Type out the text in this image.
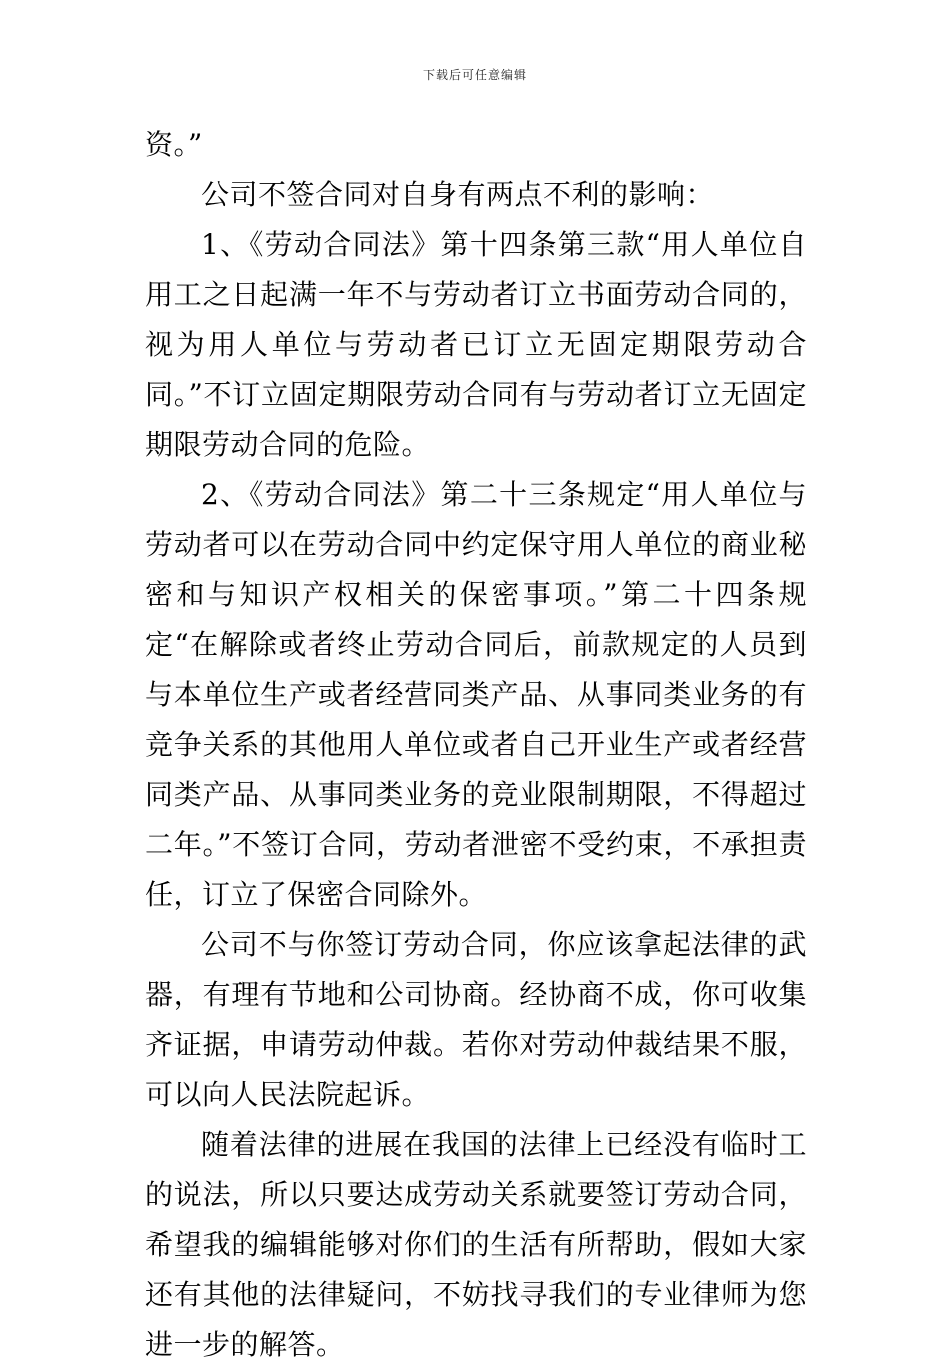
下载后可任意编辑

资。”

公司不签合同对自身有两点不利的影响：

1、《劳动合同法》第十四条第三款“用人单位自用工之日起满一年不与劳动者订立书面劳动合同的，视为用人单位与劳动者已订立无固定期限劳动合同。”不订立固定期限劳动合同有与劳动者订立无固定期限劳动合同的危险。

2、《劳动合同法》第二十三条规定“用人单位与劳动者可以在劳动合同中约定保守用人单位的商业秘密和与知识产权相关的保密事项。”第二十四条规定“在解除或者终止劳动合同后，前款规定的人员到与本单位生产或者经营同类产品、从事同类业务的有竞争关系的其他用人单位或者自己开业生产或者经营同类产品、从事同类业务的竞业限制期限，不得超过二年。”不签订合同，劳动者泄密不受约束，不承担责任，订立了保密合同除外。

公司不与你签订劳动合同，你应该拿起法律的武器，有理有节地和公司协商。经协商不成，你可收集齐证据，申请劳动仲裁。若你对劳动仲裁结果不服，可以向人民法院起诉。

随着法律的进展在我国的法律上已经没有临时工的说法，所以只要达成劳动关系就要签订劳动合同，希望我的编辑能够对你们的生活有所帮助，假如大家还有其他的法律疑问，不妨找寻我们的专业律师为您进一步的解答。
